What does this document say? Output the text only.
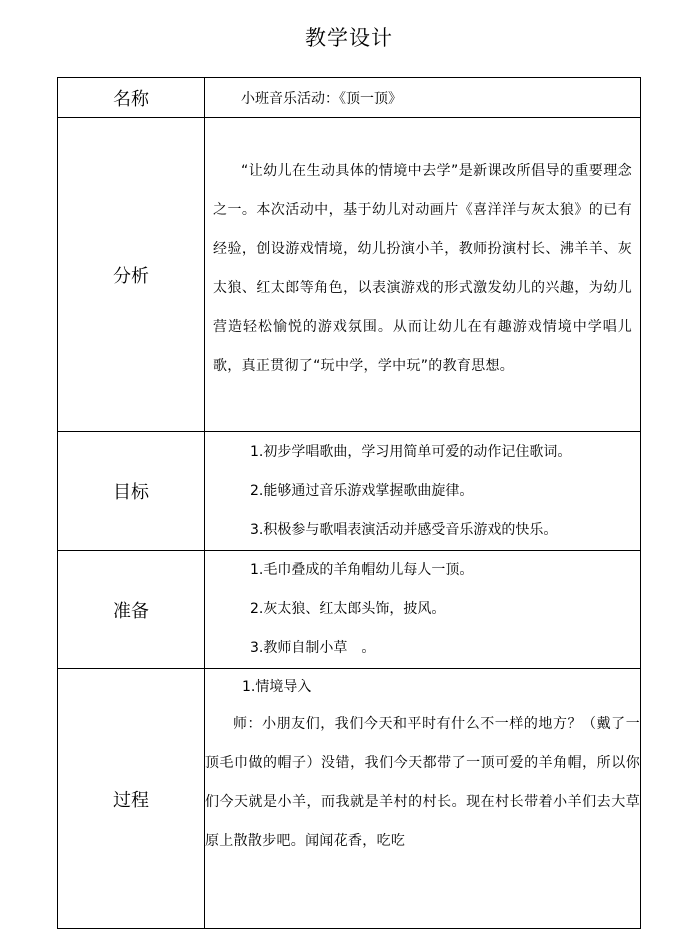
教学设计
名称	小班音乐活动：《顶一顶》

分析	“让幼儿在生动具体的情境中去学”是新课改所倡导的重要理念之一。本次活动中，基于幼儿对动画片《喜洋洋与灰太狼》的已有经验，创设游戏情境，幼儿扮演小羊，教师扮演村长、沸羊羊、灰太狼、红太郎等角色，以表演游戏的形式激发幼儿的兴趣，为幼儿营造轻松愉悦的游戏氛围。从而让幼儿在有趣游戏情境中学唱儿歌，真正贯彻了“玩中学，学中玩”的教育思想。

目标	1.初步学唱歌曲，学习用简单可爱的动作记住歌词。
2.能够通过音乐游戏掌握歌曲旋律。
3.积极参与歌唱表演活动并感受音乐游戏的快乐。

准备	1.毛巾叠成的羊角帽幼儿每人一顶。
2.灰太狼、红太郎头饰，披风。
3.教师自制小草　。

过程	1.情境导入
师：小朋友们，我们今天和平时有什么不一样的地方？（戴了一顶毛巾做的帽子）没错，我们今天都带了一顶可爱的羊角帽，所以你们今天就是小羊，而我就是羊村的村长。现在村长带着小羊们去大草原上散散步吧。闻闻花香，吃吃
